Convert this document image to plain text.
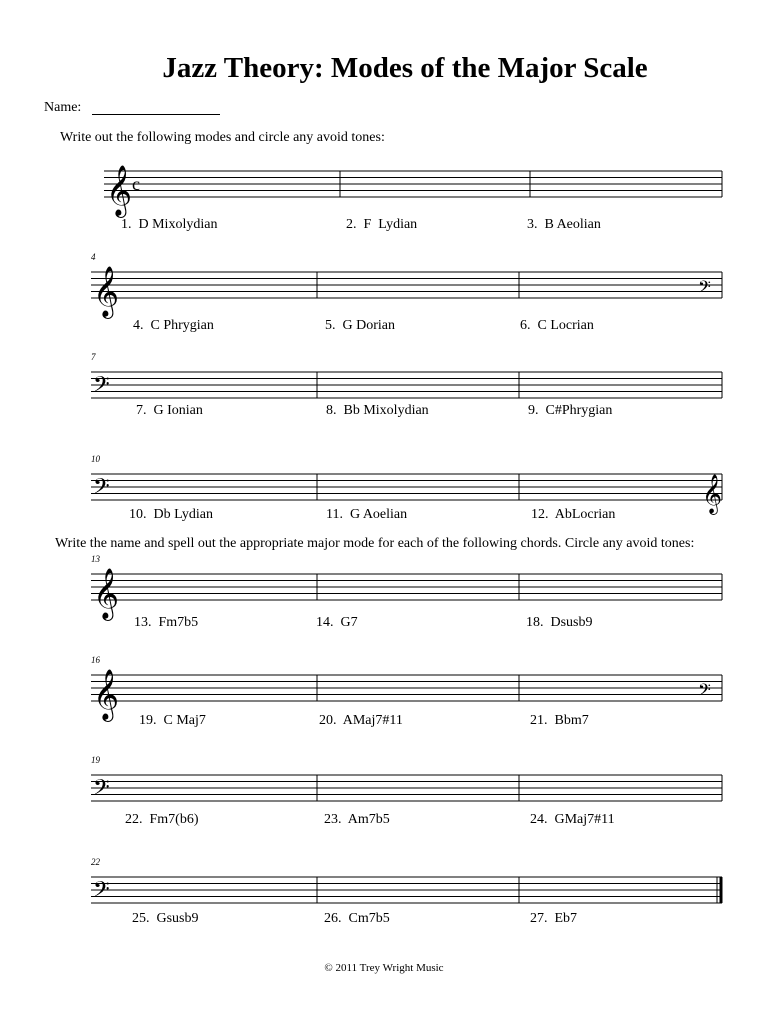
Jazz Theory: Modes of the Major Scale
Name:
Write out the following modes and circle any avoid tones:
Write the name and spell out the appropriate major mode for each of the following chords. Circle any avoid tones:
𝄞 c
1.  D Mixolydian	2.  F  Lydian	3.  B Aeolian
4
𝄞	𝄢
4.  C Phrygian	5.  G Dorian	6.  C Locrian
7
𝄢
7.  G Ionian	8.  Bb Mixolydian	9.  C#Phrygian
10
𝄢	𝄞
10.  Db Lydian	11.  G Aoelian	12.  AbLocrian
13
𝄞
13.  Fm7b5	14.  G7	18.  Dsusb9
16
𝄞	𝄢
19.  C Maj7	20.  AMaj7#11	21.  Bbm7
19
𝄢
22.  Fm7(b6)	23.  Am7b5	24.  GMaj7#11
22
𝄢
25.  Gsusb9	26.  Cm7b5	27.  Eb7
© 2011 Trey Wright Music
